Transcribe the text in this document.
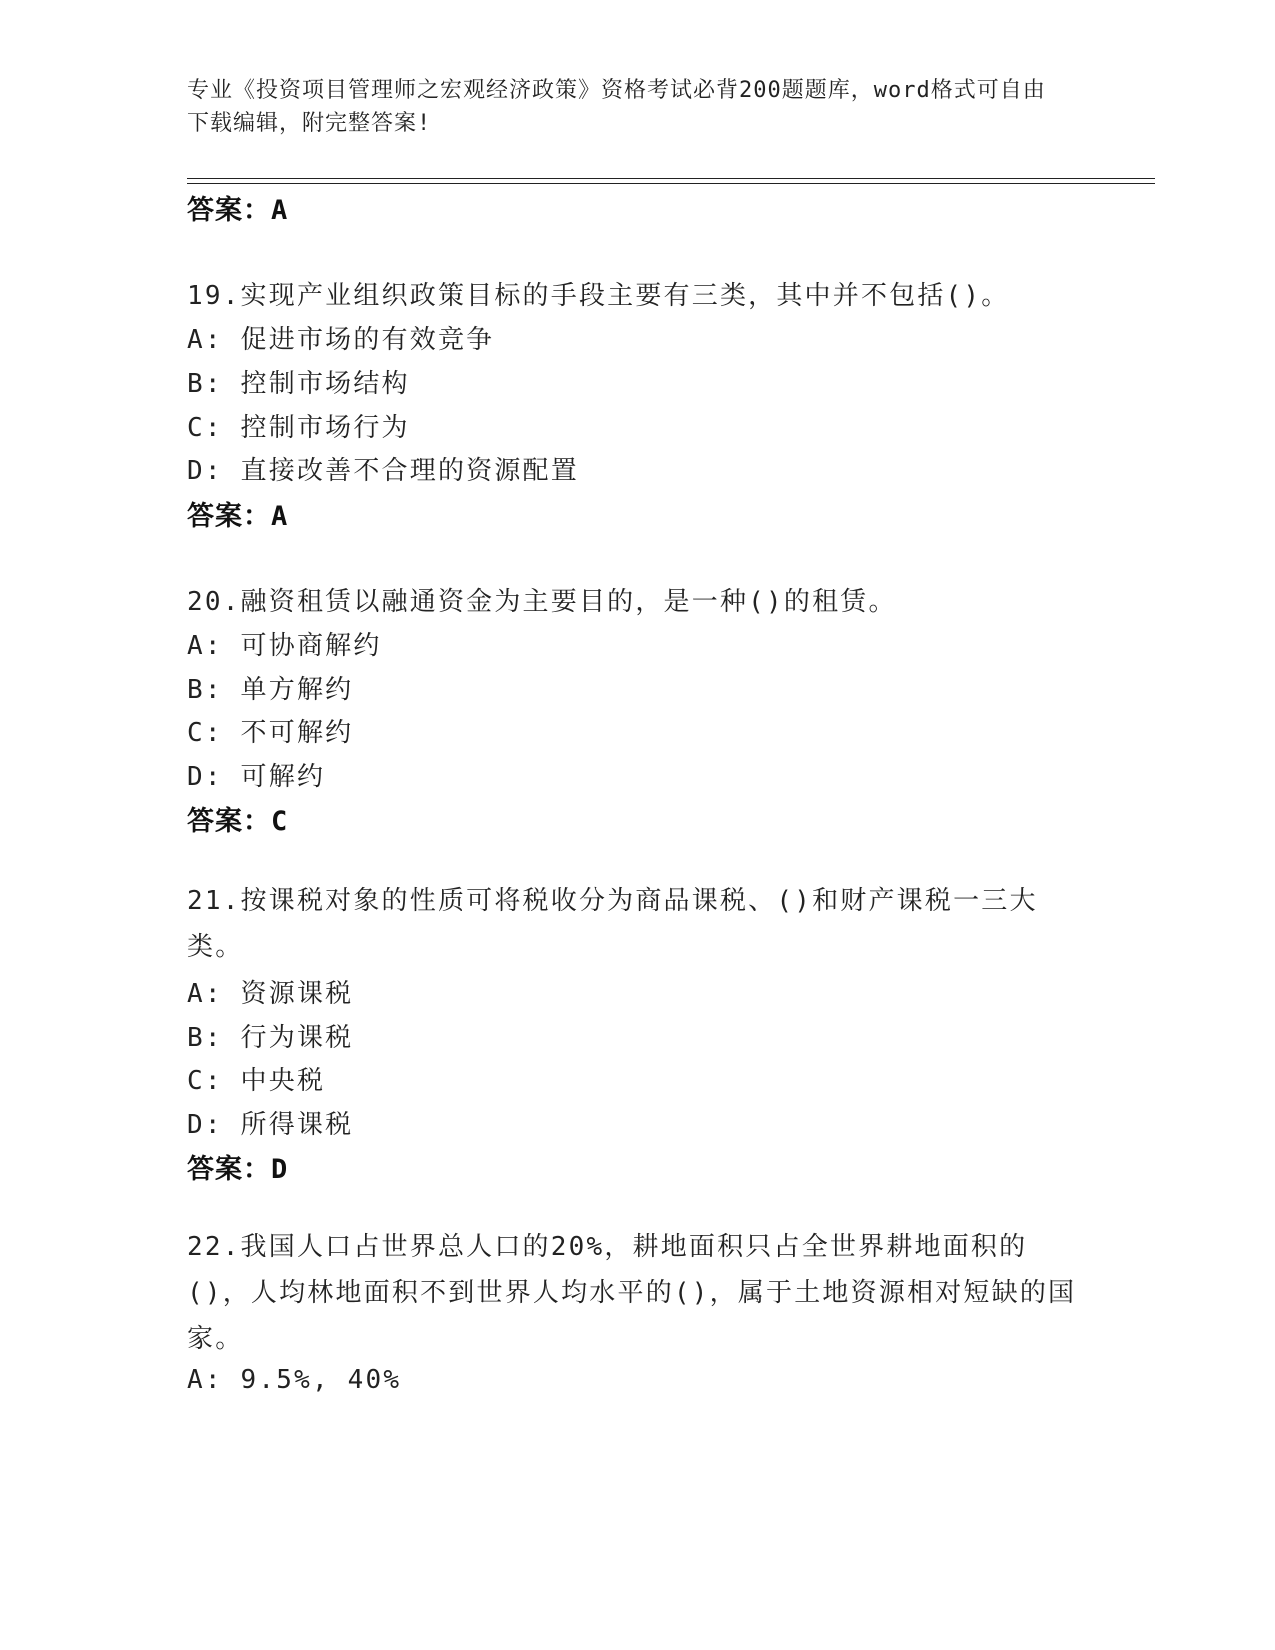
专业《投资项目管理师之宏观经济政策》资格考试必背200题题库，word格式可自由下载编辑，附完整答案!
答案：A
19.实现产业组织政策目标的手段主要有三类，其中并不包括()。
A: 促进市场的有效竞争
B: 控制市场结构
C: 控制市场行为
D: 直接改善不合理的资源配置
答案：A
20.融资租赁以融通资金为主要目的，是一种()的租赁。
A: 可协商解约
B: 单方解约
C: 不可解约
D: 可解约
答案：C
21.按课税对象的性质可将税收分为商品课税、()和财产课税一三大类。
A: 资源课税
B: 行为课税
C: 中央税
D: 所得课税
答案：D
22.我国人口占世界总人口的20%，耕地面积只占全世界耕地面积的()，人均林地面积不到世界人均水平的()，属于土地资源相对短缺的国家。
A: 9.5%, 40%
